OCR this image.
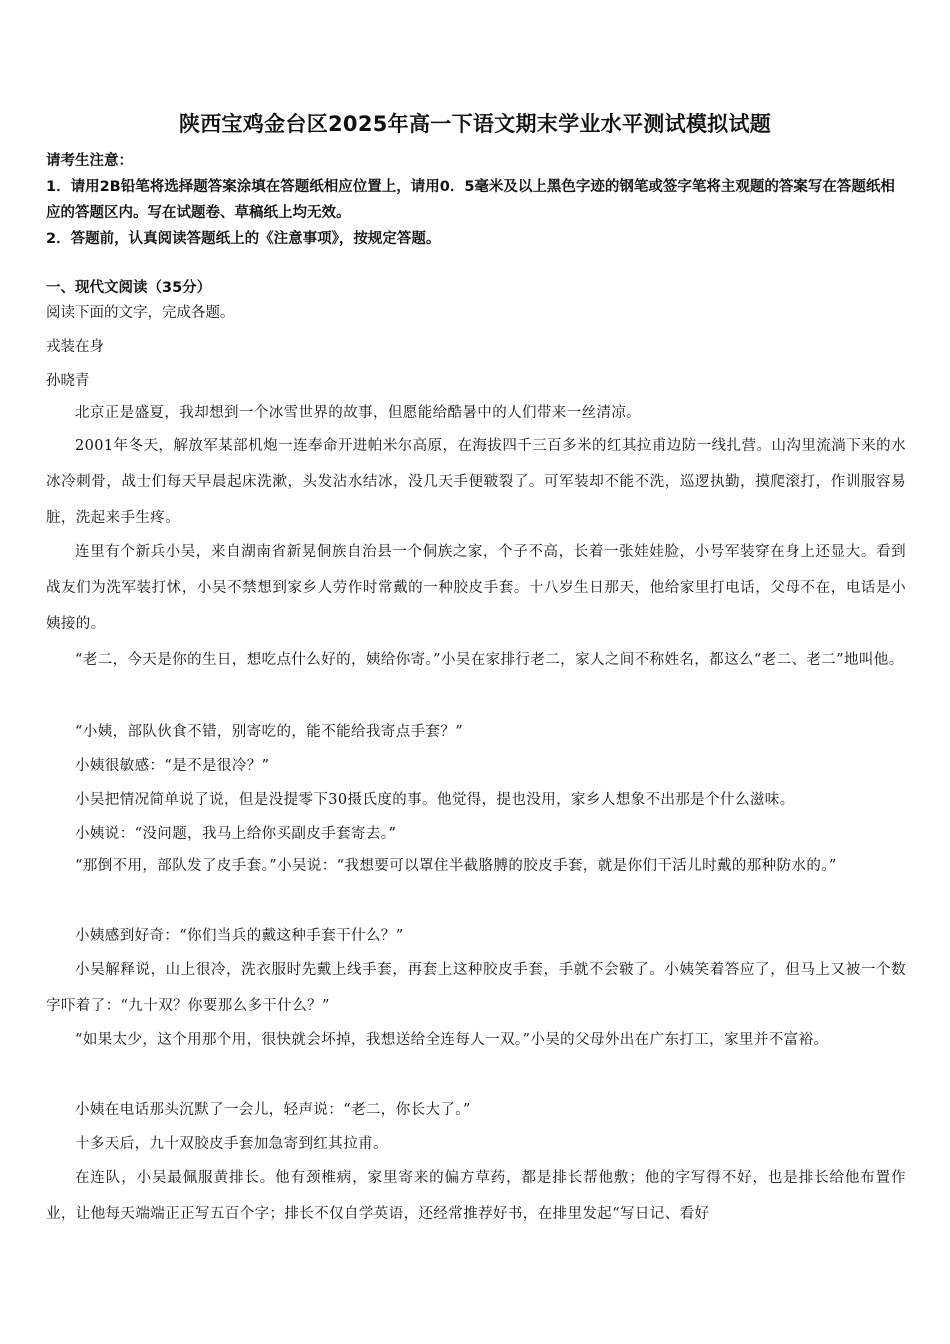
陕西宝鸡金台区2025年高一下语文期末学业水平测试模拟试题
请考生注意：
1．请用2B铅笔将选择题答案涂填在答题纸相应位置上，请用0．5毫米及以上黑色字迹的钢笔或签字笔将主观题的答案写在答题纸相应的答题区内。写在试题卷、草稿纸上均无效。
2．答题前，认真阅读答题纸上的《注意事项》，按规定答题。
一、现代文阅读（35分）
阅读下面的文字，完成各题。
戎装在身
孙晓青
北京正是盛夏，我却想到一个冰雪世界的故事，但愿能给酷暑中的人们带来一丝清凉。
2001年冬天，解放军某部机炮一连奉命开进帕米尔高原，在海拔四千三百多米的红其拉甫边防一线扎营。山沟里流淌下来的水冰冷刺骨，战士们每天早晨起床洗漱，头发沾水结冰，没几天手便皲裂了。可军装却不能不洗，巡逻执勤，摸爬滚打，作训服容易脏，洗起来手生疼。
连里有个新兵小吴，来自湖南省新晃侗族自治县一个侗族之家，个子不高，长着一张娃娃脸，小号军装穿在身上还显大。看到战友们为洗军装打怵，小吴不禁想到家乡人劳作时常戴的一种胶皮手套。十八岁生日那天，他给家里打电话，父母不在，电话是小姨接的。
“老二，今天是你的生日，想吃点什么好的，姨给你寄。”小吴在家排行老二，家人之间不称姓名，都这么“老二、老二”地叫他。
“小姨，部队伙食不错，别寄吃的，能不能给我寄点手套？”
小姨很敏感：“是不是很冷？”
小吴把情况简单说了说，但是没提零下30摄氏度的事。他觉得，提也没用，家乡人想象不出那是个什么滋味。
小姨说：“没问题，我马上给你买副皮手套寄去。”
“那倒不用，部队发了皮手套。”小吴说：“我想要可以罩住半截胳膊的胶皮手套，就是你们干活儿时戴的那种防水的。”
小姨感到好奇：“你们当兵的戴这种手套干什么？”
小吴解释说，山上很冷，洗衣服时先戴上线手套，再套上这种胶皮手套，手就不会皲了。小姨笑着答应了，但马上又被一个数字吓着了：“九十双？你要那么多干什么？”
“如果太少，这个用那个用，很快就会坏掉，我想送给全连每人一双。”小吴的父母外出在广东打工，家里并不富裕。
小姨在电话那头沉默了一会儿，轻声说：“老二，你长大了。”
十多天后，九十双胶皮手套加急寄到红其拉甫。
在连队，小吴最佩服黄排长。他有颈椎病，家里寄来的偏方草药，都是排长帮他敷；他的字写得不好，也是排长给他布置作业，让他每天端端正正写五百个字；排长不仅自学英语，还经常推荐好书，在排里发起“写日记、看好
